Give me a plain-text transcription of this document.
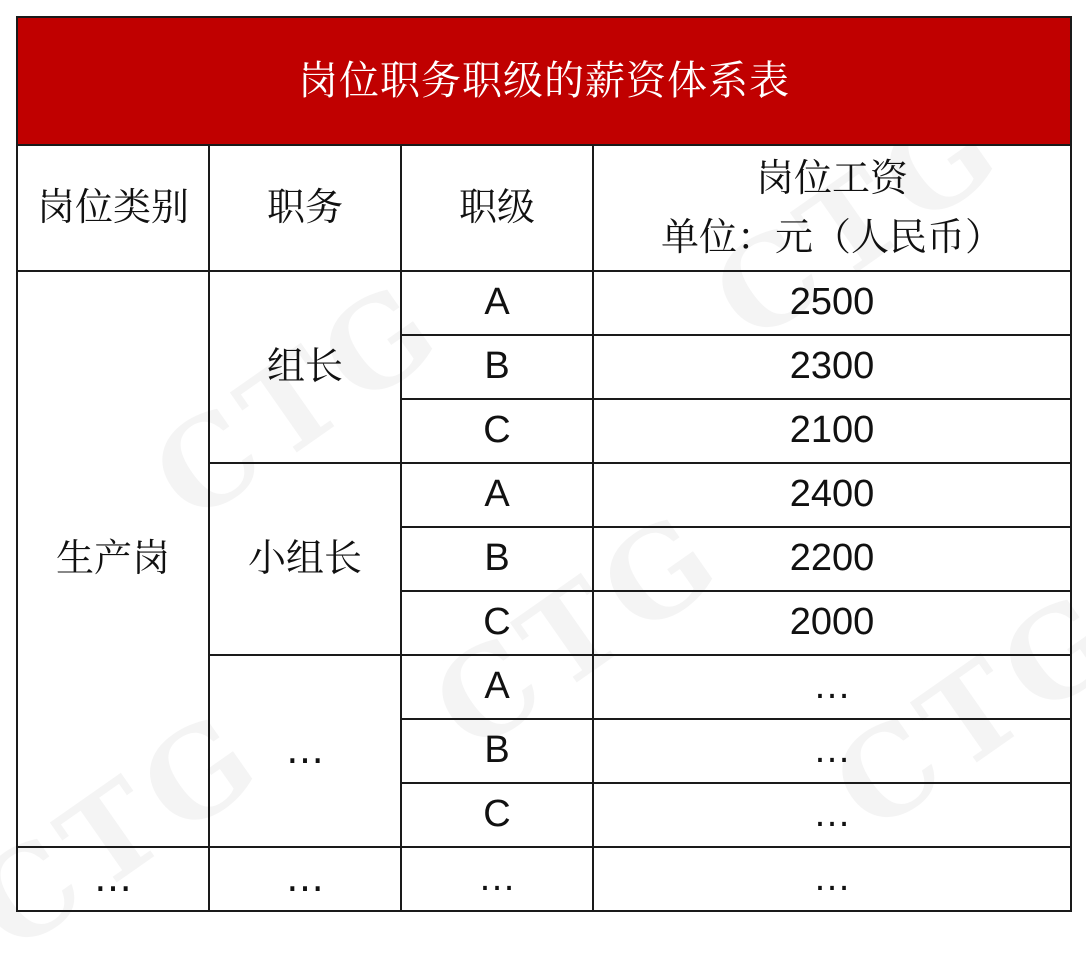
岗位职务职级的薪资体系表			
岗位类别	职务	职级	岗位工资
单位：元（人民币）

生产岗	组长	A	2500
		B	2300
		C	2100
	小组长	A	2400
		B	2200
		C	2000
	…	A	…
		B	…
		C	…
…	…	…	…
